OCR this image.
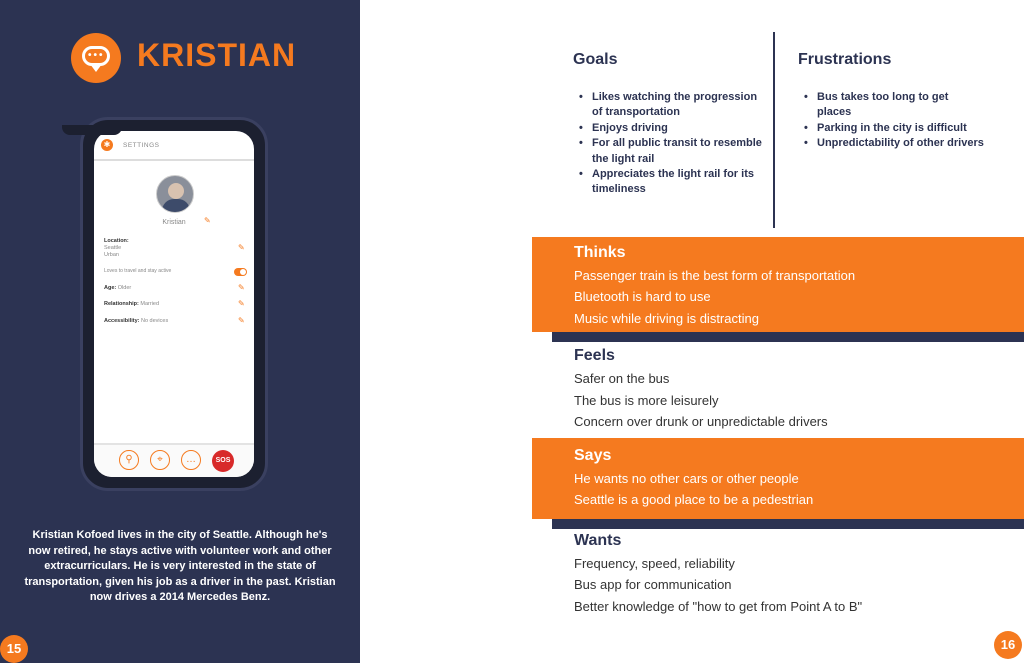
••• KRISTIAN
✱	SETTINGS
Kristian	✎
Location:
Seattle
Urban
✎
Loves to travel and stay active
Age: Older	✎
Relationship: Married	✎
Accessibility: No devices	✎
⚲	⌖	…	SOS
Kristian Kofoed lives in the city of Seattle. Although he's now retired, he stays active with volunteer work and other extracurriculars. He is very interested in the state of transportation, given his job as a driver in the past. Kristian now drives a 2014 Mercedes Benz.
15
Goals
• Likes watching the progression of transportation
• Enjoys driving
• For all public transit to resemble the light rail
• Appreciates the light rail for its timeliness
Frustrations
• Bus takes too long to get places
• Parking in the city is difficult
• Unpredictability of other drivers
Thinks
Passenger train is the best form of transportation
Bluetooth is hard to use
Music while driving is distracting
Feels
Safer on the bus
The bus is more leisurely
Concern over drunk or unpredictable drivers
Says
He wants no other cars or other people
Seattle is a good place to be a pedestrian
Wants
Frequency, speed, reliability
Bus app for communication
Better knowledge of "how to get from Point A to B"
16
